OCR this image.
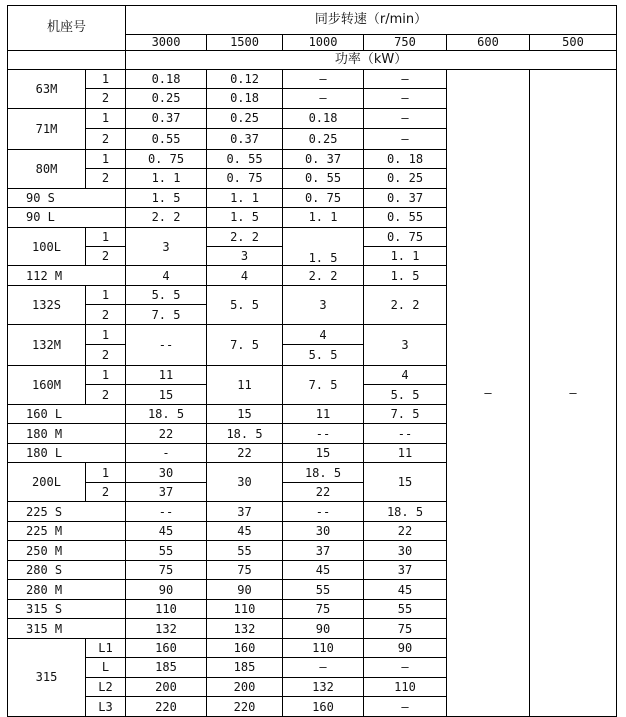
机座号		同步转速（r/min）						
		3000	1500	1000	750	600	500	
		功率（kW）						
63M	1	0.18	0.12	—	—	—	—	
	2	0.25	0.18	—	—			
71M	1	0.37	0.25	0.18	—			
	2	0.55	0.37	0.25	—			
80M	1	0. 75	0. 55	0. 37	0. 18			
	2	1. 1	0. 75	0. 55	0. 25			
90 S		1. 5	1. 1	0. 75	0. 37			
90 L		2. 2	1. 5	1. 1	0. 55			
100L	1	3	2. 2	1. 5	0. 75			
	2		3		1. 1			
112 M		4	4	2. 2	1. 5			
132S	1	5. 5	5. 5	3	2. 2			
	2	7. 5						
132M	1	--	7. 5	4	3			
	2			5. 5				
160M	1	11	11	7. 5	4			
	2	15			5. 5			
160 L		18. 5	15	11	7. 5			
180 M		22	18. 5	--	--			
180 L		-	22	15	11			
200L	1	30	30	18. 5	15			
	2	37		22				
225 S		--	37	--	18. 5			
225 M		45	45	30	22			
250 M		55	55	37	30			
280 S		75	75	45	37			
280 M		90	90	55	45			
315 S		110	110	75	55	
315 M		132	132	90	75	
315	L1	160	160	110	90	
	L	185	185	—	—	
	L2	200	200	132	110	
	L3	220	220	160	—	
